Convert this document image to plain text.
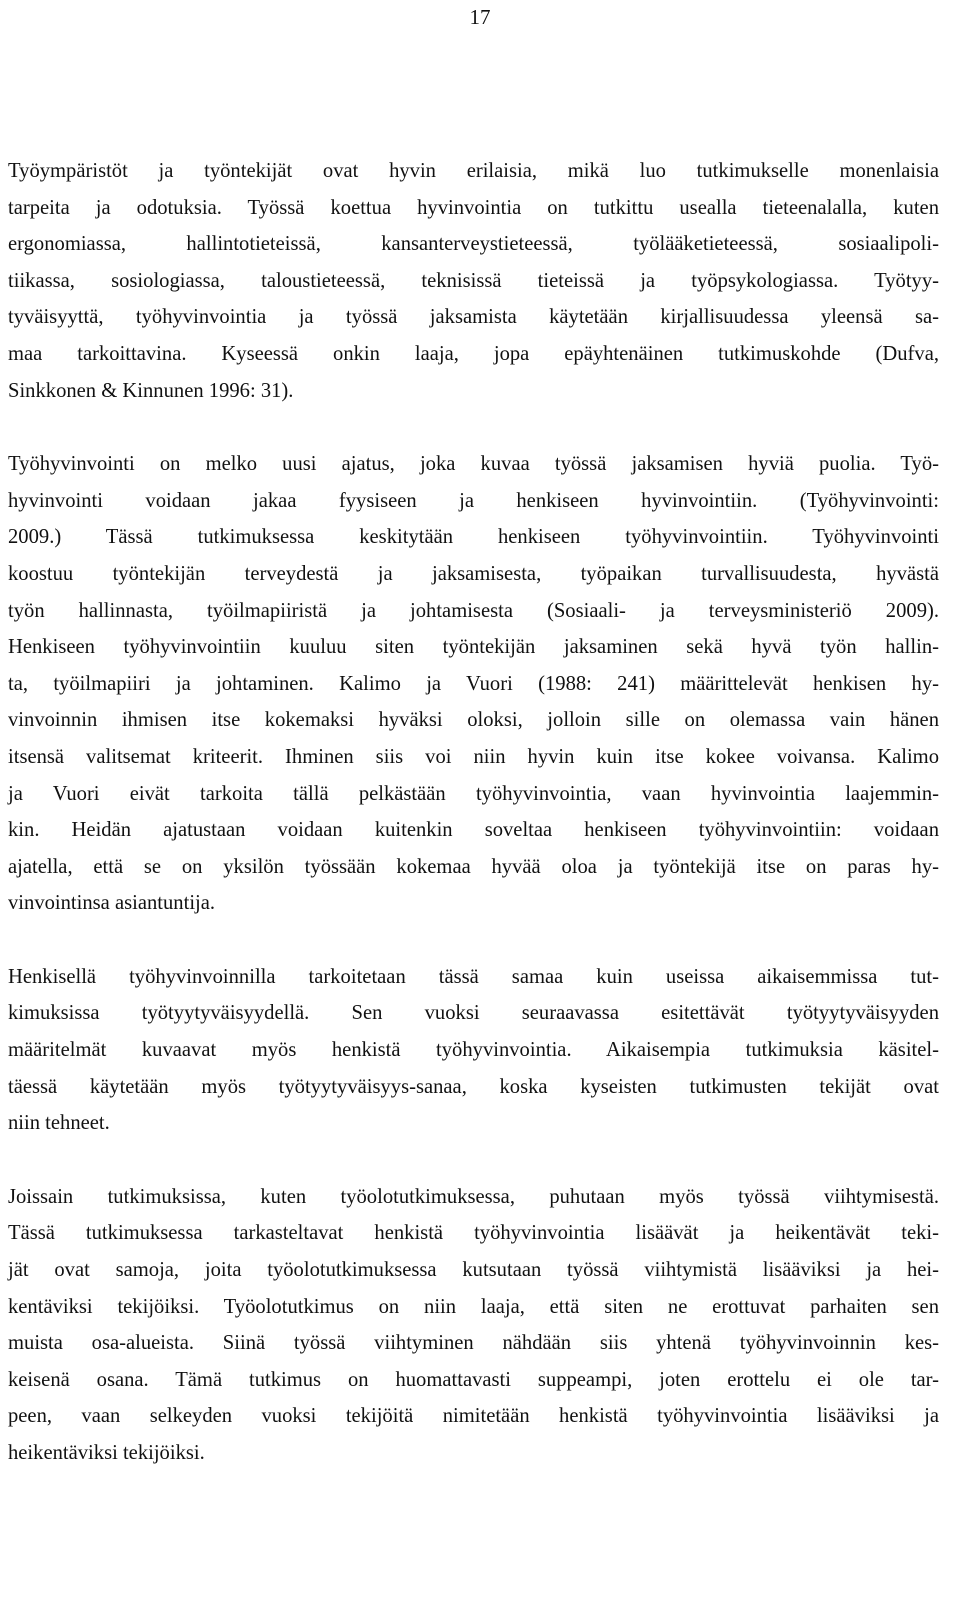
17

Työympäristöt ja työntekijät ovat hyvin erilaisia, mikä luo tutkimukselle monenlaisia
tarpeita ja odotuksia. Työssä koettua hyvinvointia on tutkittu usealla tieteenalalla, kuten
ergonomiassa, hallintotieteissä, kansanterveystieteessä, työlääketieteessä, sosiaalipoli-
tiikassa, sosiologiassa, taloustieteessä, teknisissä tieteissä ja työpsykologiassa. Työtyy-
tyväisyyttä, työhyvinvointia ja työssä jaksamista käytetään kirjallisuudessa yleensä sa-
maa tarkoittavina. Kyseessä onkin laaja, jopa epäyhtenäinen tutkimuskohde (Dufva,
Sinkkonen & Kinnunen 1996: 31).

Työhyvinvointi on melko uusi ajatus, joka kuvaa työssä jaksamisen hyviä puolia. Työ-
hyvinvointi voidaan jakaa fyysiseen ja henkiseen hyvinvointiin. (Työhyvinvointi:
2009.) Tässä tutkimuksessa keskitytään henkiseen työhyvinvointiin. Työhyvinvointi
koostuu työntekijän terveydestä ja jaksamisesta, työpaikan turvallisuudesta, hyvästä
työn hallinnasta, työilmapiiristä ja johtamisesta (Sosiaali- ja terveysministeriö 2009).
Henkiseen työhyvinvointiin kuuluu siten työntekijän jaksaminen sekä hyvä työn hallin-
ta, työilmapiiri ja johtaminen. Kalimo ja Vuori (1988: 241) määrittelevät henkisen hy-
vinvoinnin ihmisen itse kokemaksi hyväksi oloksi, jolloin sille on olemassa vain hänen
itsensä valitsemat kriteerit. Ihminen siis voi niin hyvin kuin itse kokee voivansa. Kalimo
ja Vuori eivät tarkoita tällä pelkästään työhyvinvointia, vaan hyvinvointia laajemmin-
kin. Heidän ajatustaan voidaan kuitenkin soveltaa henkiseen työhyvinvointiin: voidaan
ajatella, että se on yksilön työssään kokemaa hyvää oloa ja työntekijä itse on paras hy-
vinvointinsa asiantuntija.

Henkisellä työhyvinvoinnilla tarkoitetaan tässä samaa kuin useissa aikaisemmissa tut-
kimuksissa työtyytyväisyydellä. Sen vuoksi seuraavassa esitettävät työtyytyväisyyden
määritelmät kuvaavat myös henkistä työhyvinvointia. Aikaisempia tutkimuksia käsitel-
täessä käytetään myös työtyytyväisyys-sanaa, koska kyseisten tutkimusten tekijät ovat
niin tehneet.

Joissain tutkimuksissa, kuten työolotutkimuksessa, puhutaan myös työssä viihtymisestä.
Tässä tutkimuksessa tarkasteltavat henkistä työhyvinvointia lisäävät ja heikentävät teki-
jät ovat samoja, joita työolotutkimuksessa kutsutaan työssä viihtymistä lisääviksi ja hei-
kentäviksi tekijöiksi. Työolotutkimus on niin laaja, että siten ne erottuvat parhaiten sen
muista osa-alueista. Siinä työssä viihtyminen nähdään siis yhtenä työhyvinvoinnin kes-
keisenä osana. Tämä tutkimus on huomattavasti suppeampi, joten erottelu ei ole tar-
peen, vaan selkeyden vuoksi tekijöitä nimitetään henkistä työhyvinvointia lisääviksi ja
heikentäviksi tekijöiksi.
